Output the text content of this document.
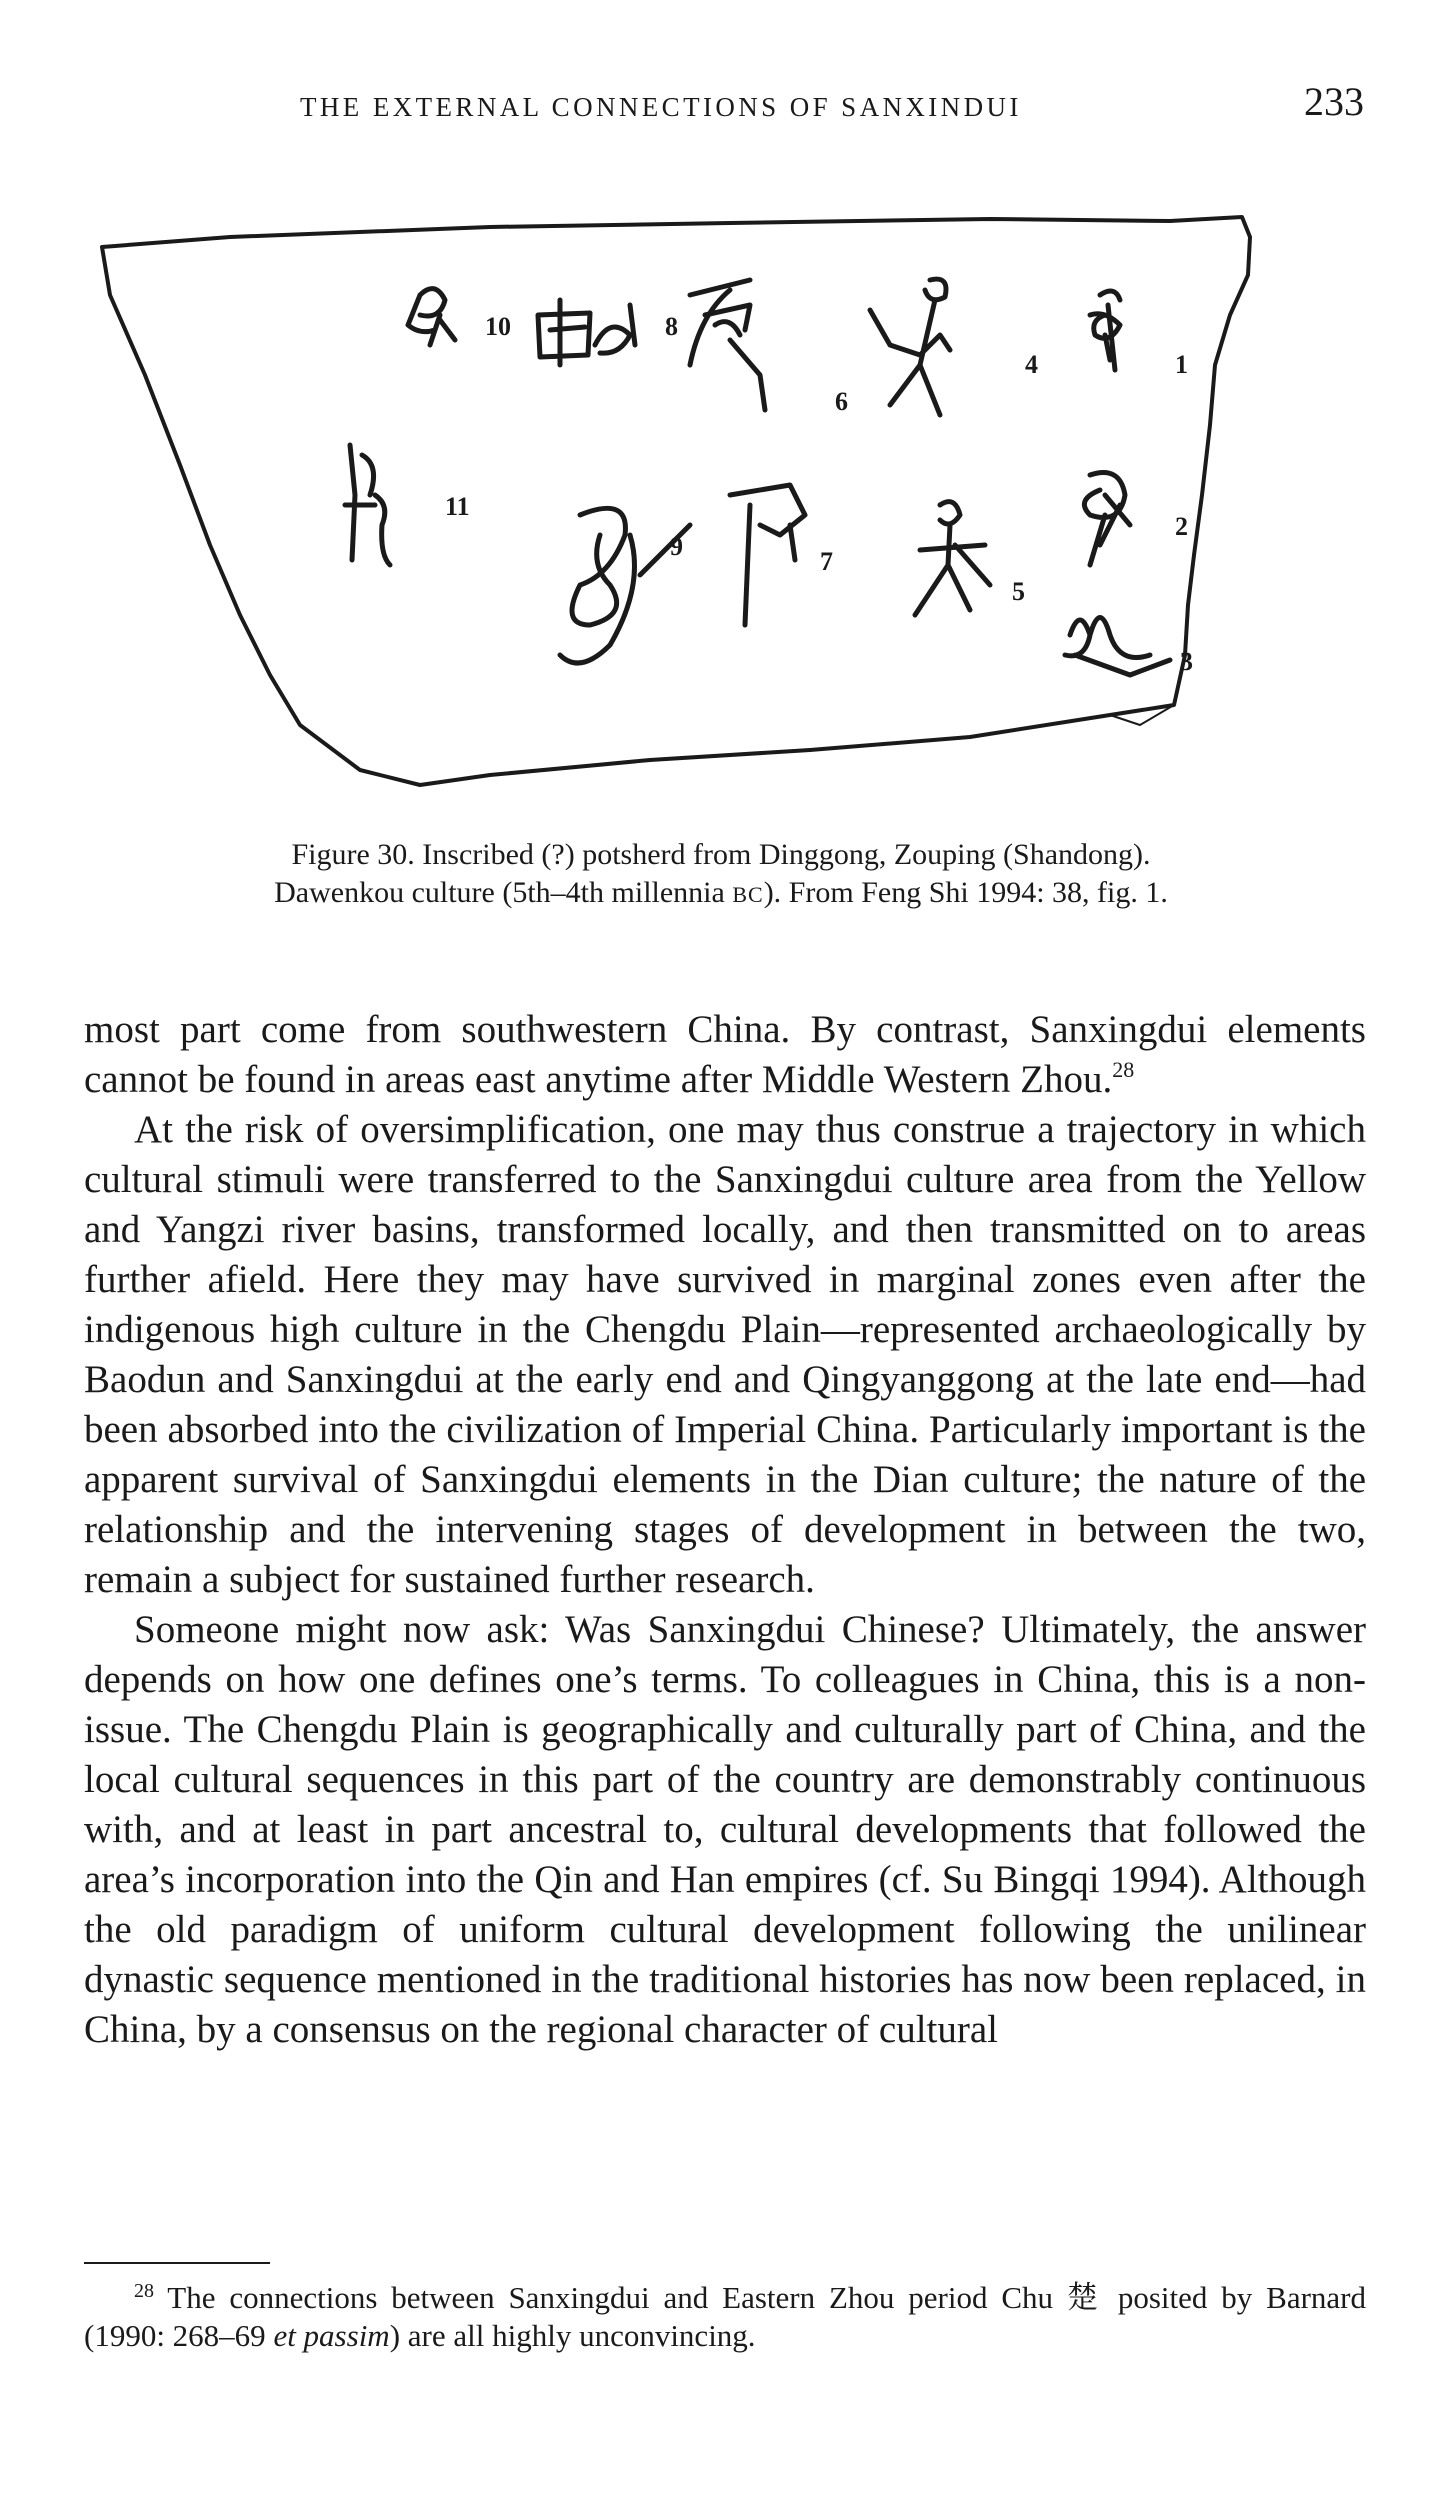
THE EXTERNAL CONNECTIONS OF SANXINDUI	233
10	8
6
4	1
11
9
7
5
2
3
Figure 30. Inscribed (?) potsherd from Dinggong, Zouping (Shandong).
Dawenkou culture (5th–4th millennia BC). From Feng Shi 1994: 38, fig. 1.

most part come from southwestern China. By contrast, Sanxingdui elements cannot be found in areas east anytime after Middle Western Zhou.$^{28}$

At the risk of oversimplification, one may thus construe a trajectory in which cultural stimuli were transferred to the Sanxingdui culture area from the Yellow and Yangzi river basins, transformed locally, and then transmitted on to areas further afield. Here they may have survived in marginal zones even after the indigenous high culture in the Chengdu Plain—represented archaeologically by Baodun and Sanxingdui at the early end and Qingyanggong at the late end—had been absorbed into the civilization of Imperial China. Particularly important is the apparent survival of Sanxingdui elements in the Dian culture; the nature of the relationship and the intervening stages of development in between the two, remain a subject for sustained further research.

Someone might now ask: Was Sanxingdui Chinese? Ultimately, the answer depends on how one defines one’s terms. To colleagues in China, this is a non-issue. The Chengdu Plain is geographically and culturally part of China, and the local cultural sequences in this part of the country are demonstrably continuous with, and at least in part ancestral to, cultural developments that followed the area’s incorporation into the Qin and Han empires (cf. Su Bingqi 1994). Although the old paradigm of uniform cultural development following the unilinear dynastic sequence mentioned in the traditional histories has now been replaced, in China, by a consensus on the regional character of cultural

$^{28}$ The connections between Sanxingdui and Eastern Zhou period Chu 楚 posited by Barnard (1990: 268–69 et passim) are all highly unconvincing.
